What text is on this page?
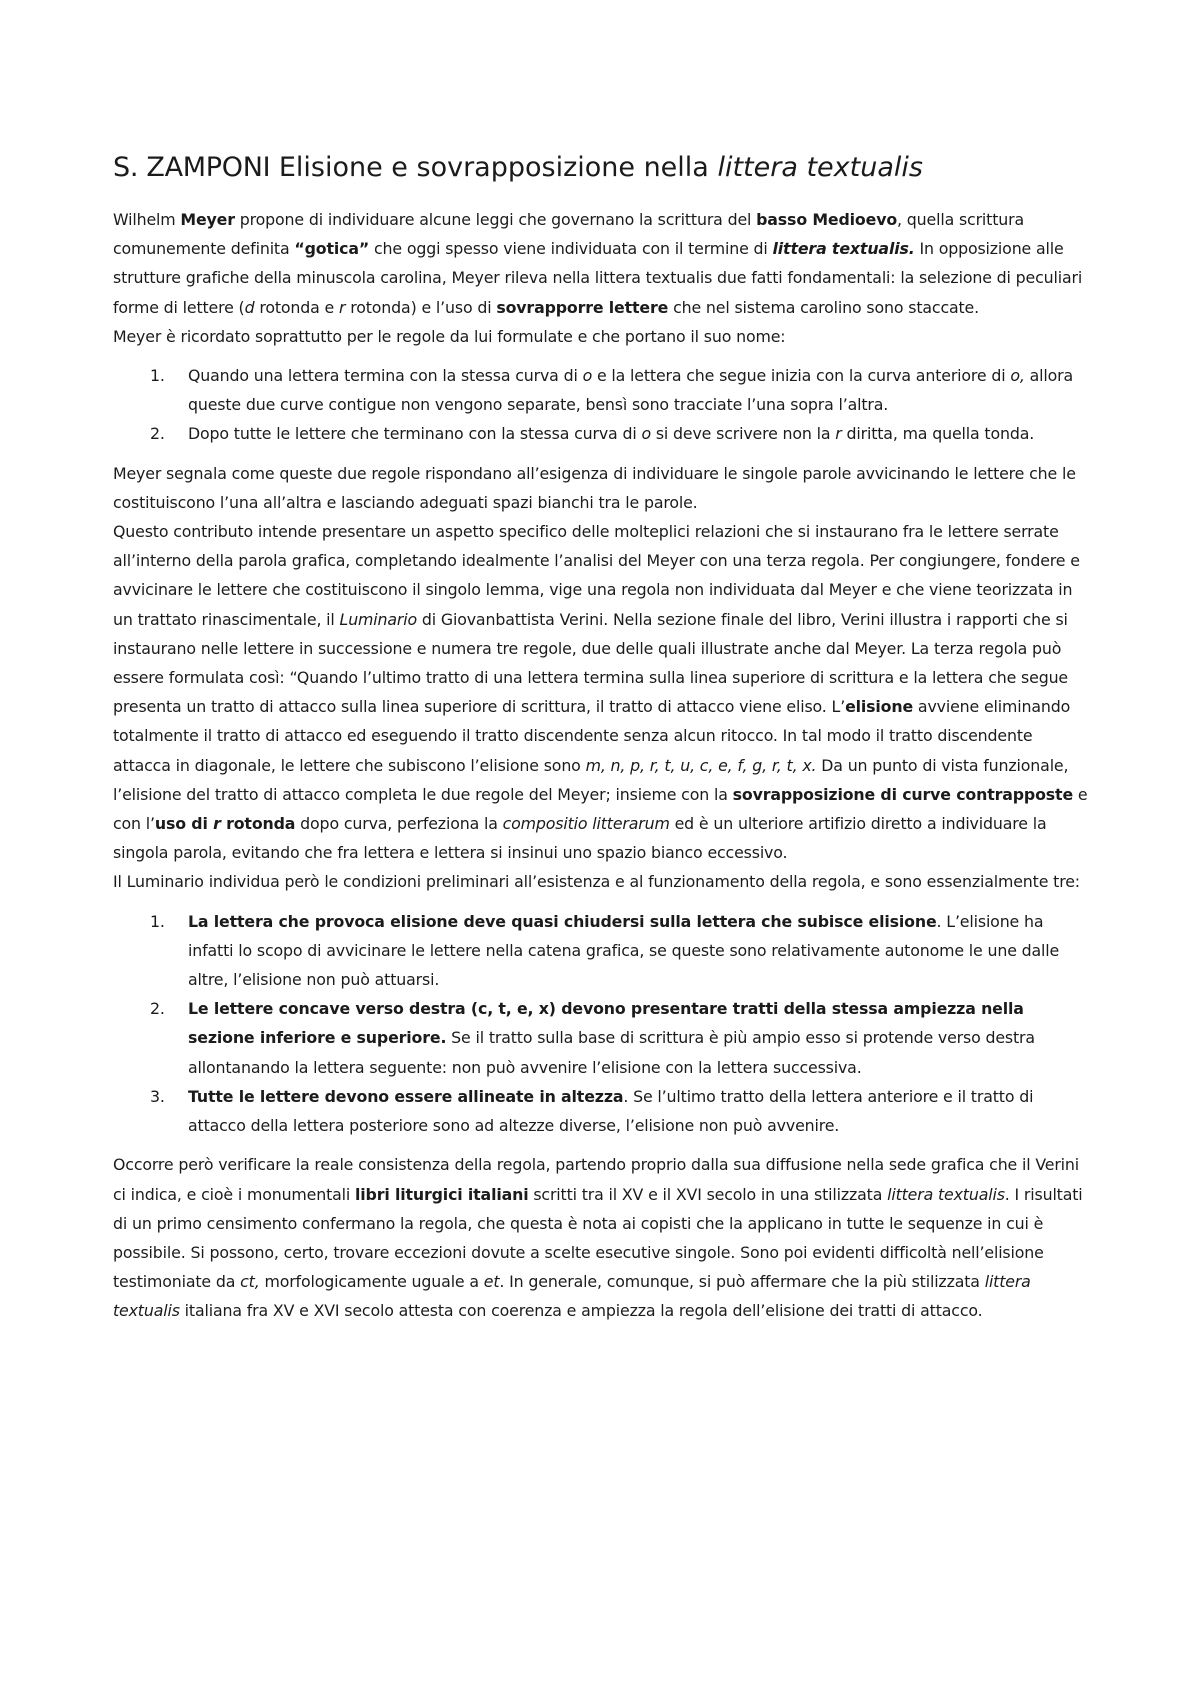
S. ZAMPONI Elisione e sovrapposizione nella littera textualis

Wilhelm Meyer propone di individuare alcune leggi che governano la scrittura del basso Medioevo, quella scrittura comunemente definita “gotica” che oggi spesso viene individuata con il termine di littera textualis. In opposizione alle strutture grafiche della minuscola carolina, Meyer rileva nella littera textualis due fatti fondamentali: la selezione di peculiari forme di lettere (d rotonda e r rotonda) e l’uso di sovrapporre lettere che nel sistema carolino sono staccate.

Meyer è ricordato soprattutto per le regole da lui formulate e che portano il suo nome:

1. Quando una lettera termina con la stessa curva di o e la lettera che segue inizia con la curva anteriore di o, allora queste due curve contigue non vengono separate, bensì sono tracciate l’una sopra l’altra.
2. Dopo tutte le lettere che terminano con la stessa curva di o si deve scrivere non la r diritta, ma quella tonda.

Meyer segnala come queste due regole rispondano all’esigenza di individuare le singole parole avvicinando le lettere che le costituiscono l’una all’altra e lasciando adeguati spazi bianchi tra le parole.

Questo contributo intende presentare un aspetto specifico delle molteplici relazioni che si instaurano fra le lettere serrate all’interno della parola grafica, completando idealmente l’analisi del Meyer con una terza regola. Per congiungere, fondere e avvicinare le lettere che costituiscono il singolo lemma, vige una regola non individuata dal Meyer e che viene teorizzata in un trattato rinascimentale, il Luminario di Giovanbattista Verini. Nella sezione finale del libro, Verini illustra i rapporti che si instaurano nelle lettere in successione e numera tre regole, due delle quali illustrate anche dal Meyer. La terza regola può essere formulata così: “Quando l’ultimo tratto di una lettera termina sulla linea superiore di scrittura e la lettera che segue presenta un tratto di attacco sulla linea superiore di scrittura, il tratto di attacco viene eliso. L’elisione avviene eliminando totalmente il tratto di attacco ed eseguendo il tratto discendente senza alcun ritocco. In tal modo il tratto discendente attacca in diagonale, le lettere che subiscono l’elisione sono m, n, p, r, t, u, c, e, f, g, r, t, x. Da un punto di vista funzionale, l’elisione del tratto di attacco completa le due regole del Meyer; insieme con la sovrapposizione di curve contrapposte e con l’uso di r rotonda dopo curva, perfeziona la compositio litterarum ed è un ulteriore artifizio diretto a individuare la singola parola, evitando che fra lettera e lettera si insinui uno spazio bianco eccessivo.

Il Luminario individua però le condizioni preliminari all’esistenza e al funzionamento della regola, e sono essenzialmente tre:

1. La lettera che provoca elisione deve quasi chiudersi sulla lettera che subisce elisione. L’elisione ha infatti lo scopo di avvicinare le lettere nella catena grafica, se queste sono relativamente autonome le une dalle altre, l’elisione non può attuarsi.
2. Le lettere concave verso destra (c, t, e, x) devono presentare tratti della stessa ampiezza nella sezione inferiore e superiore. Se il tratto sulla base di scrittura è più ampio esso si protende verso destra allontanando la lettera seguente: non può avvenire l’elisione con la lettera successiva.
3. Tutte le lettere devono essere allineate in altezza. Se l’ultimo tratto della lettera anteriore e il tratto di attacco della lettera posteriore sono ad altezze diverse, l’elisione non può avvenire.

Occorre però verificare la reale consistenza della regola, partendo proprio dalla sua diffusione nella sede grafica che il Verini ci indica, e cioè i monumentali libri liturgici italiani scritti tra il XV e il XVI secolo in una stilizzata littera textualis. I risultati di un primo censimento confermano la regola, che questa è nota ai copisti che la applicano in tutte le sequenze in cui è possibile. Si possono, certo, trovare eccezioni dovute a scelte esecutive singole. Sono poi evidenti difficoltà nell’elisione testimoniate da ct, morfologicamente uguale a et. In generale, comunque, si può affermare che la più stilizzata littera textualis italiana fra XV e XVI secolo attesta con coerenza e ampiezza la regola dell’elisione dei tratti di attacco.
